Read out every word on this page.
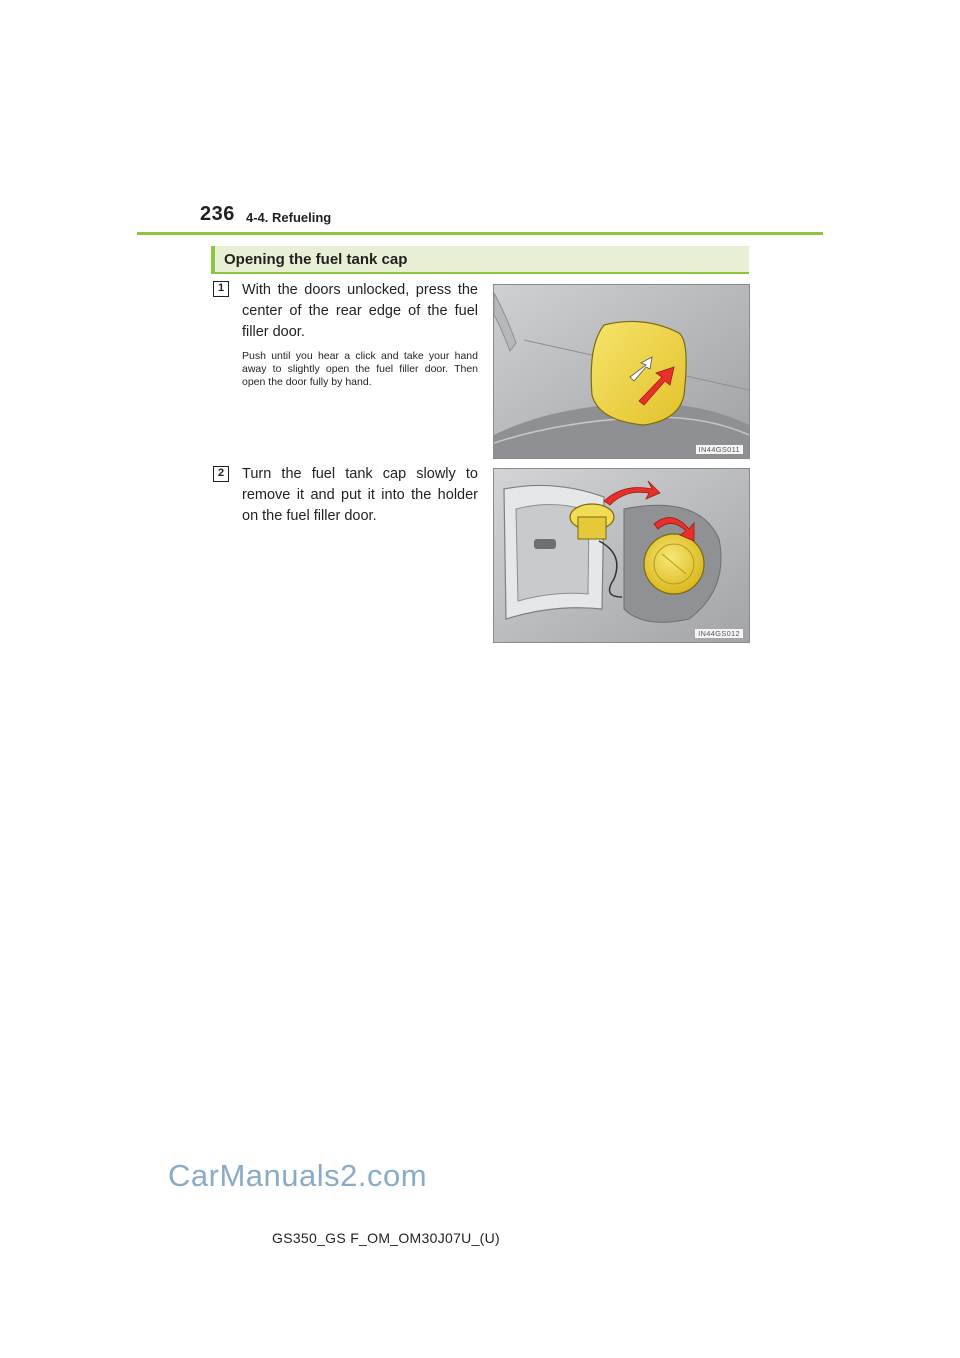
236 4-4. Refueling
Opening the fuel tank cap
1	With the doors unlocked, press the center of the rear edge of the fuel filler door.
Push until you hear a click and take your hand away to slightly open the fuel filler door. Then open the door fully by hand.
IN44GS011
2	Turn the fuel tank cap slowly to remove it and put it into the holder on the fuel filler door.
IN44GS012
CarManuals2.com
GS350_GS F_OM_OM30J07U_(U)
